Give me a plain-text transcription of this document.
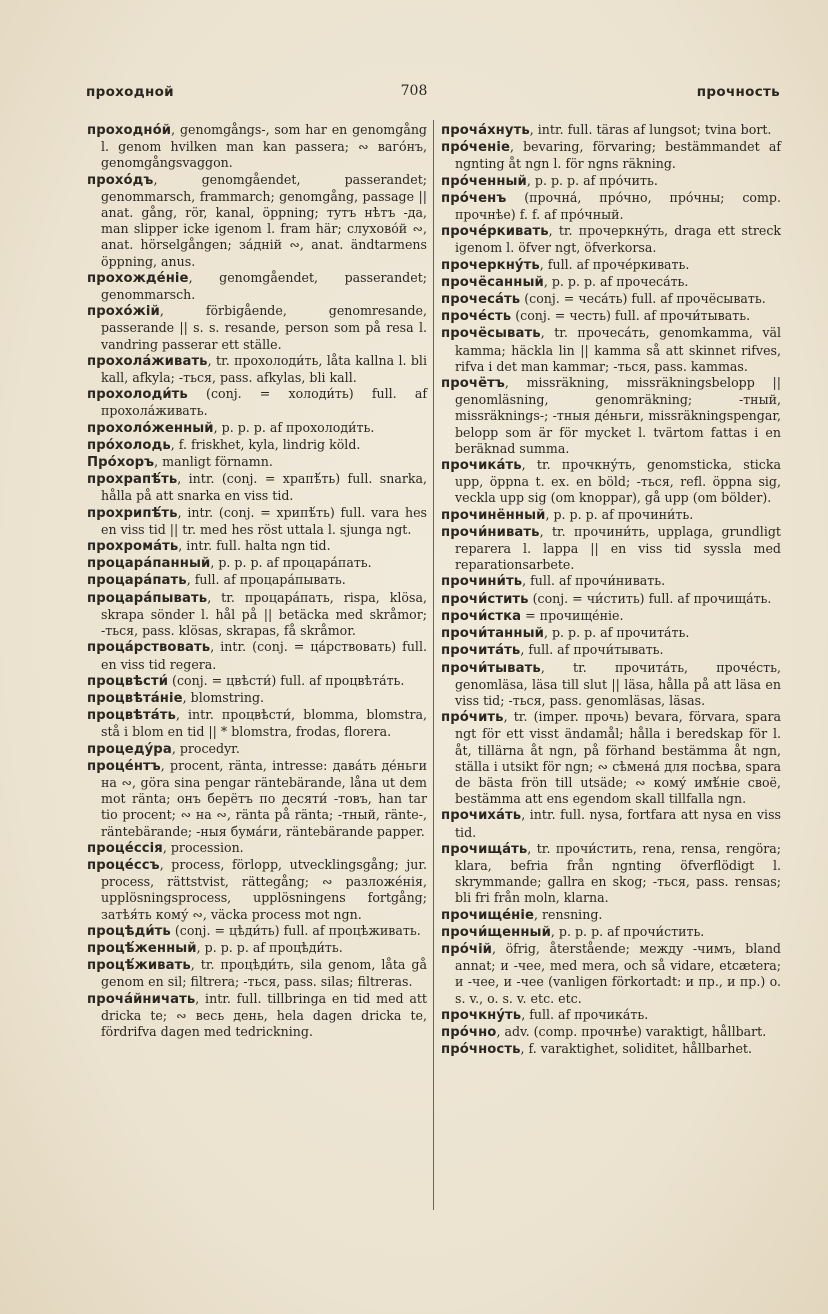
проходной	708	прочность

проходно́й, genomgångs-, som har en genomgång l. genom hvilken man kan passera; ∾ ваго́нъ, genomgångsvaggon.

прохо́дъ, genomgåendet, passerandet; genommarsch, frammarch; genomgång, passage || anat. gång, rör, kanal, öppning; тутъ нѣтъ -да, man slipper icke igenom l. fram här; слухово́й ∾, anat. hörselgången; за́дній ∾, anat. ändtarmens öppning, anus.

прохожде́ніе, genomgåendet, passerandet; genommarsch.

прохо́жій, förbigående, genomresande, passerande || s. s. resande, person som på resa l. vandring passerar ett ställe.

прохола́живать, tr. прохолоди́ть, låta kallna l. bli kall, afkyla; -ться, pass. afkylas, bli kall.

прохолоди́ть (conj. = холоди́ть) full. af прохола́живать.

прохоло́женный, p. p. p. af прохолоди́ть.

про́холодь, f. friskhet, kyla, lindrig köld.

Про́хоръ, manligt förnamn.

прохрапѣ́ть, intr. (conj. = храпѣ́ть) full. snarka, hålla på att snarka en viss tid.

прохрипѣ́ть, intr. (conj. = хрипѣ́ть) full. vara hes en viss tid || tr. med hes röst uttala l. sjunga ngt.

прохрома́ть, intr. full. halta ngn tid.

процара́панный, p. p. p. af процара́пать.

процара́пать, full. af процара́пывать.

процара́пывать, tr. процара́пать, rispa, klösa, skrapa sönder l. hål på || betäcka med skråmor; -ться, pass. klösas, skrapas, få skråmor.

процáрствовать, intr. (conj. = ца́рствовать) full. en viss tid regera.

процвѣсти́ (conj. = цвѣсти́) full. af процвѣта́ть.

процвѣта́ніе, blomstring.

процвѣта́ть, intr. процвѣсти́, blomma, blomstra, stå i blom en tid || * blomstra, frodas, florera.

процеду́ра, procedyr.

проце́нтъ, procent, ränta, intresse: дава́ть де́ньги на ∾, göra sina pengar räntebärande, låna ut dem mot ränta; онъ берётъ по десяти́ -товъ, han tar tio procent; ∾ на ∾, ränta på ränta; -тный, ränte-, räntebärande; -ныя бума́ги, räntebärande papper.

проце́ссія, procession.

проце́ссъ, process, förlopp, utvecklingsgång; jur. process, rättstvist, rättegång; ∾ разложе́нія, upplösningsprocess, upplösningens fortgång; затѣя́ть кому́ ∾, väcka process mot ngn.

процѣди́ть (conj. = цѣди́ть) full. af процѣживать.

процѣ́женный, p. p. p. af процѣди́ть.

процѣ́живать, tr. процѣди́ть, sila genom, låta gå genom en sil; filtrera; -ться, pass. silas; filtreras.

проча́йничать, intr. full. tillbringa en tid med att dricka te; ∾ весь день, hela dagen dricka te, fördrifva dagen med tedrickning.

проча́хнуть, intr. full. täras af lungsot; tvina bort.

про́ченіе, bevaring, förvaring; bestämmandet af ngnting åt ngn l. för ngns räkning.

про́ченный, p. p. p. af про́чить.

про́ченъ (прочна́, про́чно, про́чны; comp. прочнѣе) f. f. af про́чный.

проче́ркивать, tr. прочеркну́ть, draga ett streck igenom l. öfver ngt, öfverkorsa.

прочеркну́ть, full. af проче́ркивать.

прочёсанный, p. p. p. af прочеса́ть.

прочеса́ть (conj. = чеса́ть) full. af прочёсывать.

проче́сть (conj. = честь) full. af прочи́тывать.

прочёсывать, tr. прочеса́ть, genomkamma, väl kamma; häckla lin || kamma så att skinnet rifves, rifva i det man kammar; -ться, pass. kammas.

прочётъ, missräkning, missräkningsbelopp || genomläsning, genomräkning; -тный, missräknings-; -тныя де́ньги, missräkningspengar, belopp som är för mycket l. tvärtom fattas i en beräknad summa.

прочика́ть, tr. прочкну́ть, genomsticka, sticka upp, öppna t. ex. en böld; -ться, refl. öppna sig, veckla upp sig (om knoppar), gå upp (om bölder).

прочинённый, p. p. p. af прочини́ть.

прочи́нивать, tr. прочини́ть, upplaga, grundligt reparera l. lappa || en viss tid syssla med reparationsarbete.

прочини́ть, full. af прочи́нивать.

прочи́стить (conj. = чи́стить) full. af прочища́ть.

прочи́стка = прочище́ніе.

прочи́танный, p. p. p. af прочита́ть.

прочита́ть, full. af прочи́тывать.

прочи́тывать, tr. прочита́ть, проче́сть, genomläsa, läsa till slut || läsa, hålla på att läsa en viss tid; -ться, pass. genomläsas, läsas.

про́чить, tr. (imper. прочь) bevara, förvara, spara ngt för ett visst ändamål; hålla i beredskap för l. åt, tillärna åt ngn, på förhand bestämma åt ngn, ställa i utsikt för ngn; ∾ сѣмена́ для посѣва, spara de bästa frön till utsäde; ∾ кому́ имѣ́ніе своё, bestämma att ens egendom skall tillfalla ngn.

прочиха́ть, intr. full. nysa, fortfara att nysa en viss tid.

прочища́ть, tr. прочи́стить, rena, rensa, rengöra; klara, befria från ngnting öfverflödigt l. skrymmande; gallra en skog; -ться, pass. rensas; bli fri från moln, klarna.

прочище́ніе, rensning.

прочи́щенный, p. p. p. af прочи́стить.

про́чій, öfrig, återstående; между -чимъ, bland annat; и -чее, med mera, och så vidare, etcætera; и -чее, и -чее (vanligen förkortadt: и пр., и пр.) o. s. v., o. s. v. etc. etc.

прочкну́ть, full. af прочика́ть.

про́чно, adv. (comp. прочнѣе) varaktigt, hållbart.

про́чность, f. varaktighet, soliditet, hållbarhet.
